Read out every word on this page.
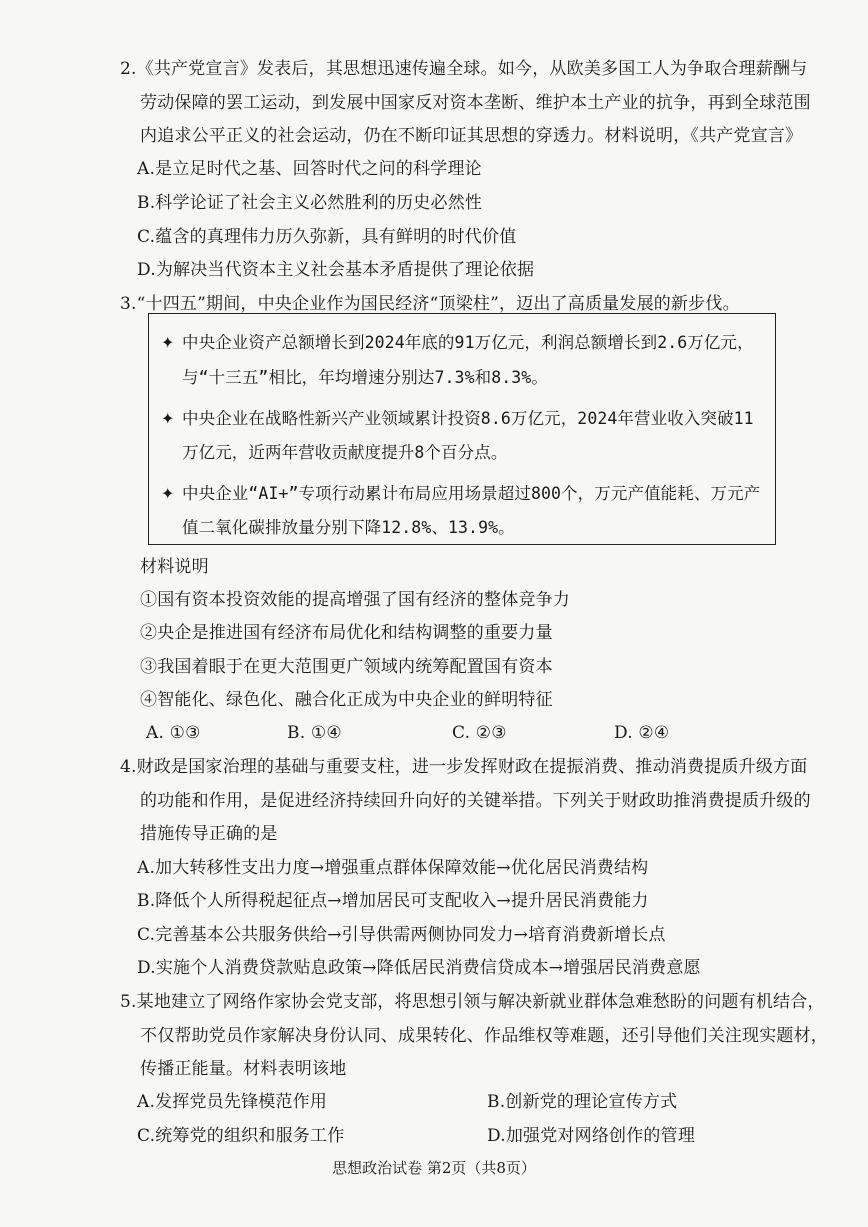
2.《共产党宣言》发表后，其思想迅速传遍全球。如今，从欧美多国工人为争取合理薪酬与
劳动保障的罢工运动，到发展中国家反对资本垄断、维护本土产业的抗争，再到全球范围
内追求公平正义的社会运动，仍在不断印证其思想的穿透力。材料说明，《共产党宣言》
A.是立足时代之基、回答时代之问的科学理论
B.科学论证了社会主义必然胜利的历史必然性
C.蕴含的真理伟力历久弥新，具有鲜明的时代价值
D.为解决当代资本主义社会基本矛盾提供了理论依据
3.“十四五”期间，中央企业作为国民经济“顶梁柱”，迈出了高质量发展的新步伐。
✦ 中央企业资产总额增长到2024年底的91万亿元，利润总额增长到2.6万亿元，
与“十三五”相比，年均增速分别达7.3%和8.3%。
✦ 中央企业在战略性新兴产业领域累计投资8.6万亿元，2024年营业收入突破11
万亿元，近两年营收贡献度提升8个百分点。
✦ 中央企业“AI+”专项行动累计布局应用场景超过800个，万元产值能耗、万元产
值二氧化碳排放量分别下降12.8%、13.9%。
材料说明
①国有资本投资效能的提高增强了国有经济的整体竞争力
②央企是推进国有经济布局优化和结构调整的重要力量
③我国着眼于在更大范围更广领域内统筹配置国有资本
④智能化、绿色化、融合化正成为中央企业的鲜明特征
A. ①③	B. ①④	C. ②③	D. ②④
4.财政是国家治理的基础与重要支柱，进一步发挥财政在提振消费、推动消费提质升级方面
的功能和作用，是促进经济持续回升向好的关键举措。下列关于财政助推消费提质升级的
措施传导正确的是
A.加大转移性支出力度→增强重点群体保障效能→优化居民消费结构
B.降低个人所得税起征点→增加居民可支配收入→提升居民消费能力
C.完善基本公共服务供给→引导供需两侧协同发力→培育消费新增长点
D.实施个人消费贷款贴息政策→降低居民消费信贷成本→增强居民消费意愿
5.某地建立了网络作家协会党支部，将思想引领与解决新就业群体急难愁盼的问题有机结合，
不仅帮助党员作家解决身份认同、成果转化、作品维权等难题，还引导他们关注现实题材，
传播正能量。材料表明该地
A.发挥党员先锋模范作用	B.创新党的理论宣传方式
C.统筹党的组织和服务工作	D.加强党对网络创作的管理
思想政治试卷 第2页（共8页）
